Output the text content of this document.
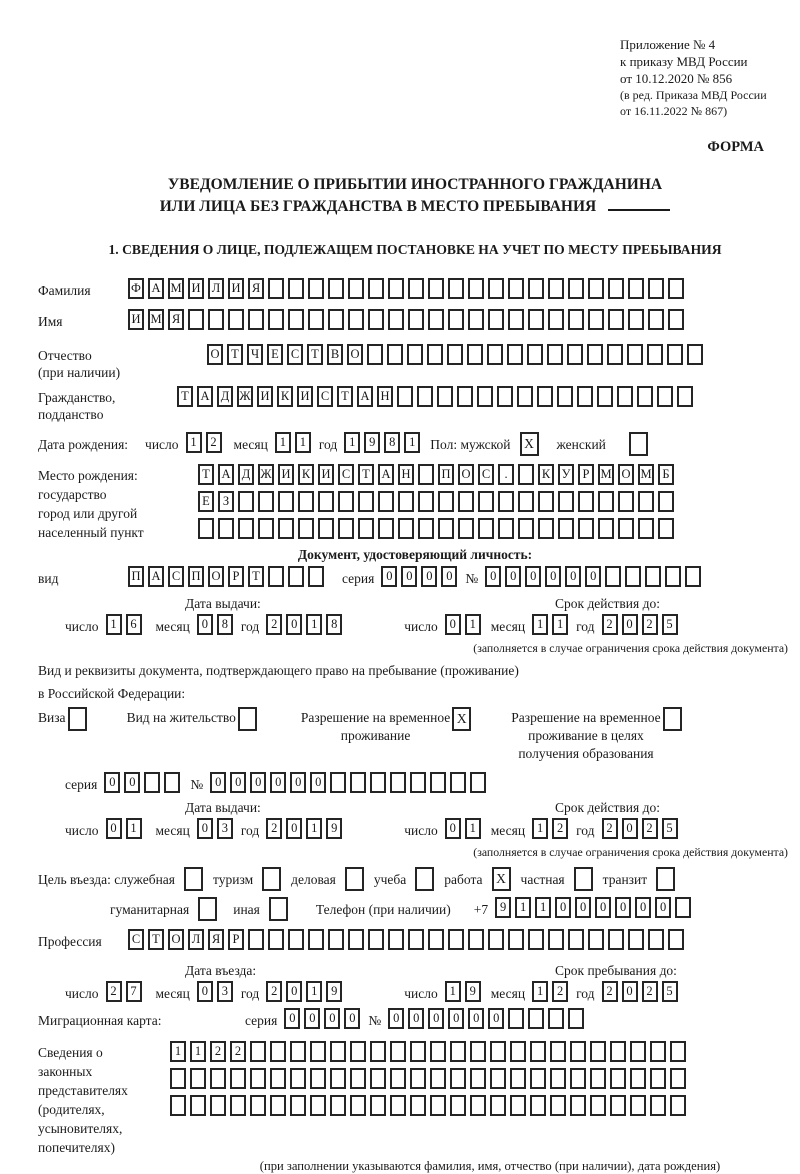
Приложение № 4
к приказу МВД России
от 10.12.2020 № 856
(в ред. Приказа МВД России
от 16.11.2022 № 867)
ФОРМА
УВЕДОМЛЕНИЕ О ПРИБЫТИИ ИНОСТРАННОГО ГРАЖДАНИНА
ИЛИ ЛИЦА БЕЗ ГРАЖДАНСТВА В МЕСТО ПРЕБЫВАНИЯ
1. СВЕДЕНИЯ О ЛИЦЕ, ПОДЛЕЖАЩЕМ ПОСТАНОВКЕ НА УЧЕТ ПО МЕСТУ ПРЕБЫВАНИЯ
Фамилия	Ф А М И Л И Я
Имя	И М Я
Отчество
(при наличии)
О Т Ч Е С Т В О
Гражданство,
подданство
Т А Д Ж И К И С Т А Н
Дата рождения: число 1	2	месяц 1	1 год 1	9	8	1	Пол: мужской	X	женский
Место рождения:
государство
город или другой
населенный пункт
Т А Д Ж И К И С Т А Н П О С	.	К У Р М О М Б
Е	З
Документ, удостоверяющий личность:
вид	П А С П О Р	Т	серия 0	0	0	0 № 0	0	0	0	0	0
Дата выдачи:	Срок действия до:
число 1	6	месяц 0	8 год 2	0	1	8	число 0	1	месяц 1	1 год 2	0	2	5
(заполняется в случае ограничения срока действия документа)
Вид и реквизиты документа, подтверждающего право на пребывание (проживание)
в Российской Федерации:
Виза	Вид на жительство	Разрешение на временное
проживание
X	Разрешение на временное
проживание в целях
получения образования
серия 0	0	№ 0	0	0	0	0	0
Дата выдачи:	Срок действия до:
число 0	1	месяц 0	3 год 2	0	1	9	число 0	1	месяц 1	2 год 2	0	2	5
(заполняется в случае ограничения срока действия документа)
Цель въезда: служебная	туризм	деловая	учеба	работа	X	частная	транзит
гуманитарная	иная	Телефон (при наличии) +7 9	1	1	0	0	0	0	0	0
Профессия	С Т О Л Я Р
Дата въезда:	Срок пребывания до:
число 2	7	месяц 0	3 год 2	0	1	9	число 1	9	месяц 1	2 год 2	0	2	5
Миграционная карта:	серия 0	0	0	0 № 0	0	0	0	0	0
Сведения о
законных
представителях
(родителях,
усыновителях,
попечителях)
1	1	2	2
(при заполнении указываются фамилия, имя, отчество (при наличии), дата рождения)
